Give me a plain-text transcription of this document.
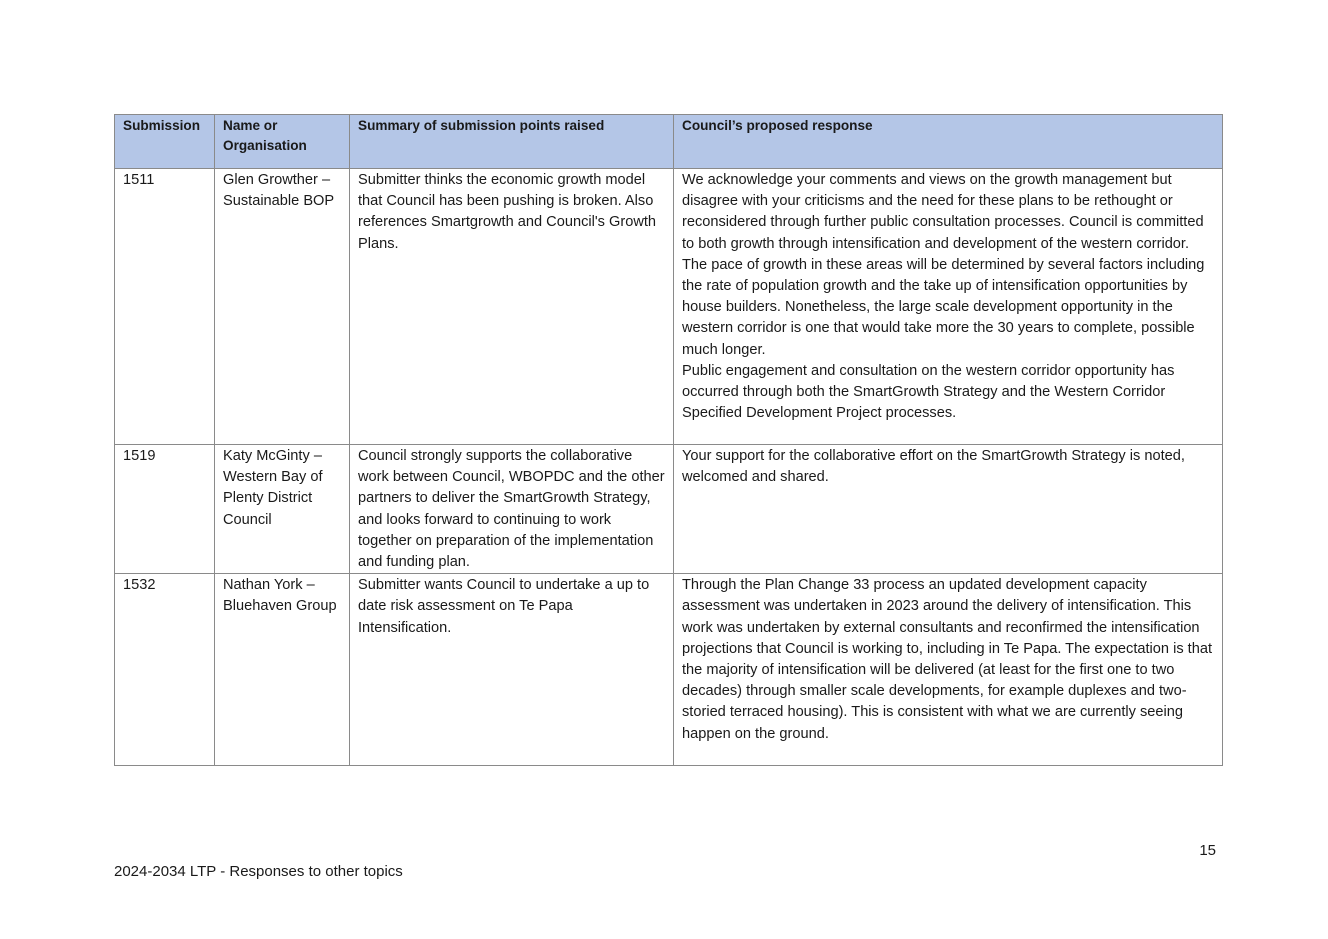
Submission	Name or Organisation	Summary of submission points raised	Council’s proposed response
1511	Glen Growther – Sustainable BOP	Submitter thinks the economic growth model that Council has been pushing is broken. Also references Smartgrowth and Council's Growth Plans.	We acknowledge your comments and views on the growth management but disagree with your criticisms and the need for these plans to be rethought or reconsidered through further public consultation processes. Council is committed to both growth through intensification and development of the western corridor. The pace of growth in these areas will be determined by several factors including the rate of population growth and the take up of intensification opportunities by house builders. Nonetheless, the large scale development opportunity in the western corridor is one that would take more the 30 years to complete, possible much longer.
Public engagement and consultation on the western corridor opportunity has occurred through both the SmartGrowth Strategy and the Western Corridor Specified Development Project processes.

1519	Katy McGinty – Western Bay of Plenty District Council	Council strongly supports the collaborative work between Council, WBOPDC and the other partners to deliver the SmartGrowth Strategy, and looks forward to continuing to work together on preparation of the implementation and funding plan.	Your support for the collaborative effort on the SmartGrowth Strategy is noted, welcomed and shared.

1532	Nathan York – Bluehaven Group	Submitter wants Council to undertake a up to date risk assessment on Te Papa Intensification.	Through the Plan Change 33 process an updated development capacity assessment was undertaken in 2023 around the delivery of intensification. This work was undertaken by external consultants and reconfirmed the intensification projections that Council is working to, including in Te Papa. The expectation is that the majority of intensification will be delivered (at least for the first one to two decades) through smaller scale developments, for example duplexes and two-storied terraced housing). This is consistent with what we are currently seeing happen on the ground.
15
2024-2034 LTP - Responses to other topics
